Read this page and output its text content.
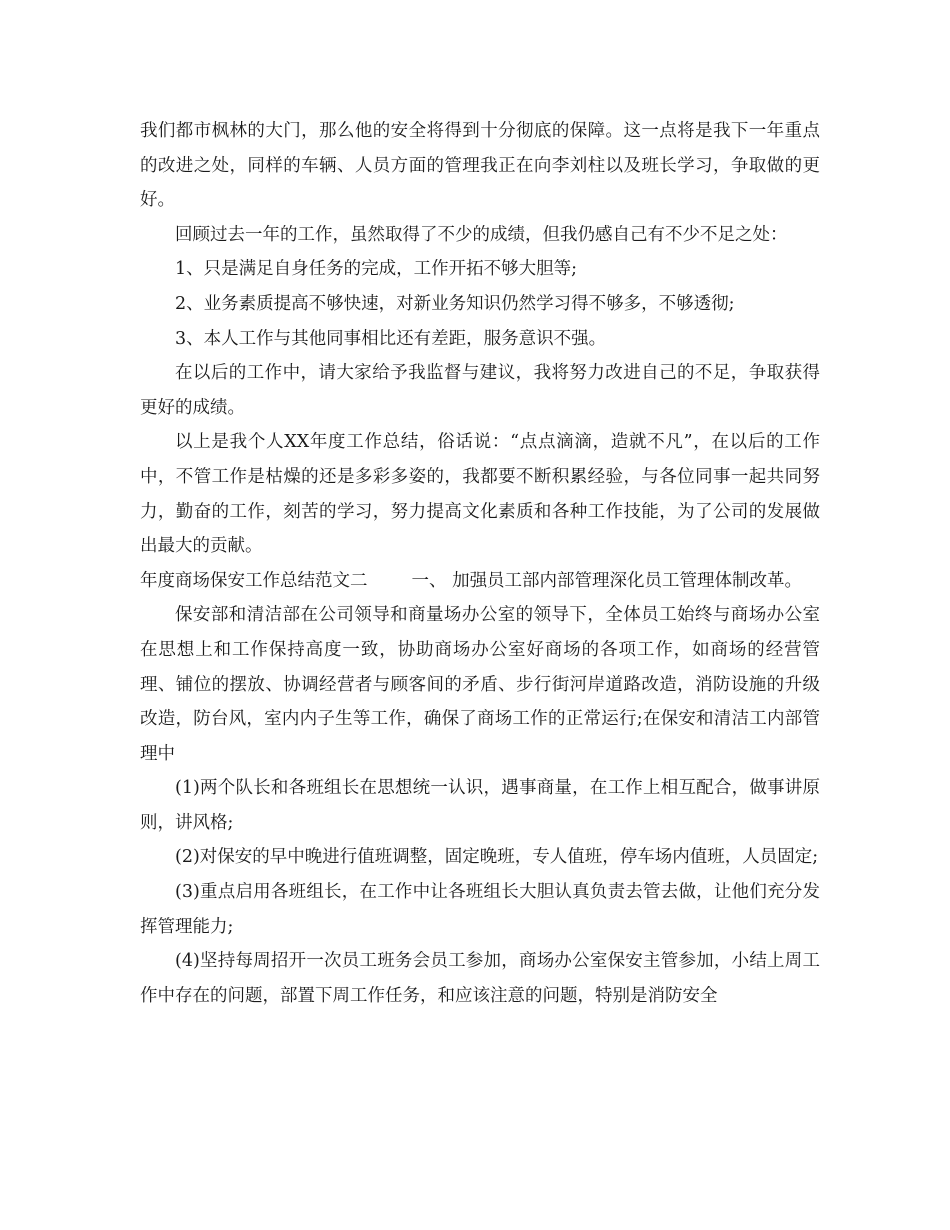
我们都市枫林的大门，那么他的安全将得到十分彻底的保障。这一点将是我下一年重点的改进之处，同样的车辆、人员方面的管理我正在向李刘柱以及班长学习，争取做的更好。

回顾过去一年的工作，虽然取得了不少的成绩，但我仍感自己有不少不足之处：

1、只是满足自身任务的完成，工作开拓不够大胆等;

2、业务素质提高不够快速，对新业务知识仍然学习得不够多，不够透彻;

3、本人工作与其他同事相比还有差距，服务意识不强。

在以后的工作中，请大家给予我监督与建议，我将努力改进自己的不足，争取获得更好的成绩。

以上是我个人XX年度工作总结，俗话说：“点点滴滴，造就不凡”，在以后的工作中，不管工作是枯燥的还是多彩多姿的，我都要不断积累经验，与各位同事一起共同努力，勤奋的工作，刻苦的学习，努力提高文化素质和各种工作技能，为了公司的发展做出最大的贡献。

年度商场保安工作总结范文二	一、 加强员工部内部管理深化员工管理体制改革。

保安部和清洁部在公司领导和商量场办公室的领导下，全体员工始终与商场办公室在思想上和工作保持高度一致，协助商场办公室好商场的各项工作，如商场的经营管理、铺位的摆放、协调经营者与顾客间的矛盾、步行街河岸道路改造，消防设施的升级改造，防台风，室内内子生等工作，确保了商场工作的正常运行;在保安和清洁工内部管理中

(1)两个队长和各班组长在思想统一认识，遇事商量，在工作上相互配合，做事讲原则，讲风格;

(2)对保安的早中晚进行值班调整，固定晚班，专人值班，停车场内值班，人员固定;

(3)重点启用各班组长，在工作中让各班组长大胆认真负责去管去做，让他们充分发挥管理能力;

(4)坚持每周招开一次员工班务会员工参加，商场办公室保安主管参加，小结上周工作中存在的问题，部置下周工作任务，和应该注意的问题，特别是消防安全
